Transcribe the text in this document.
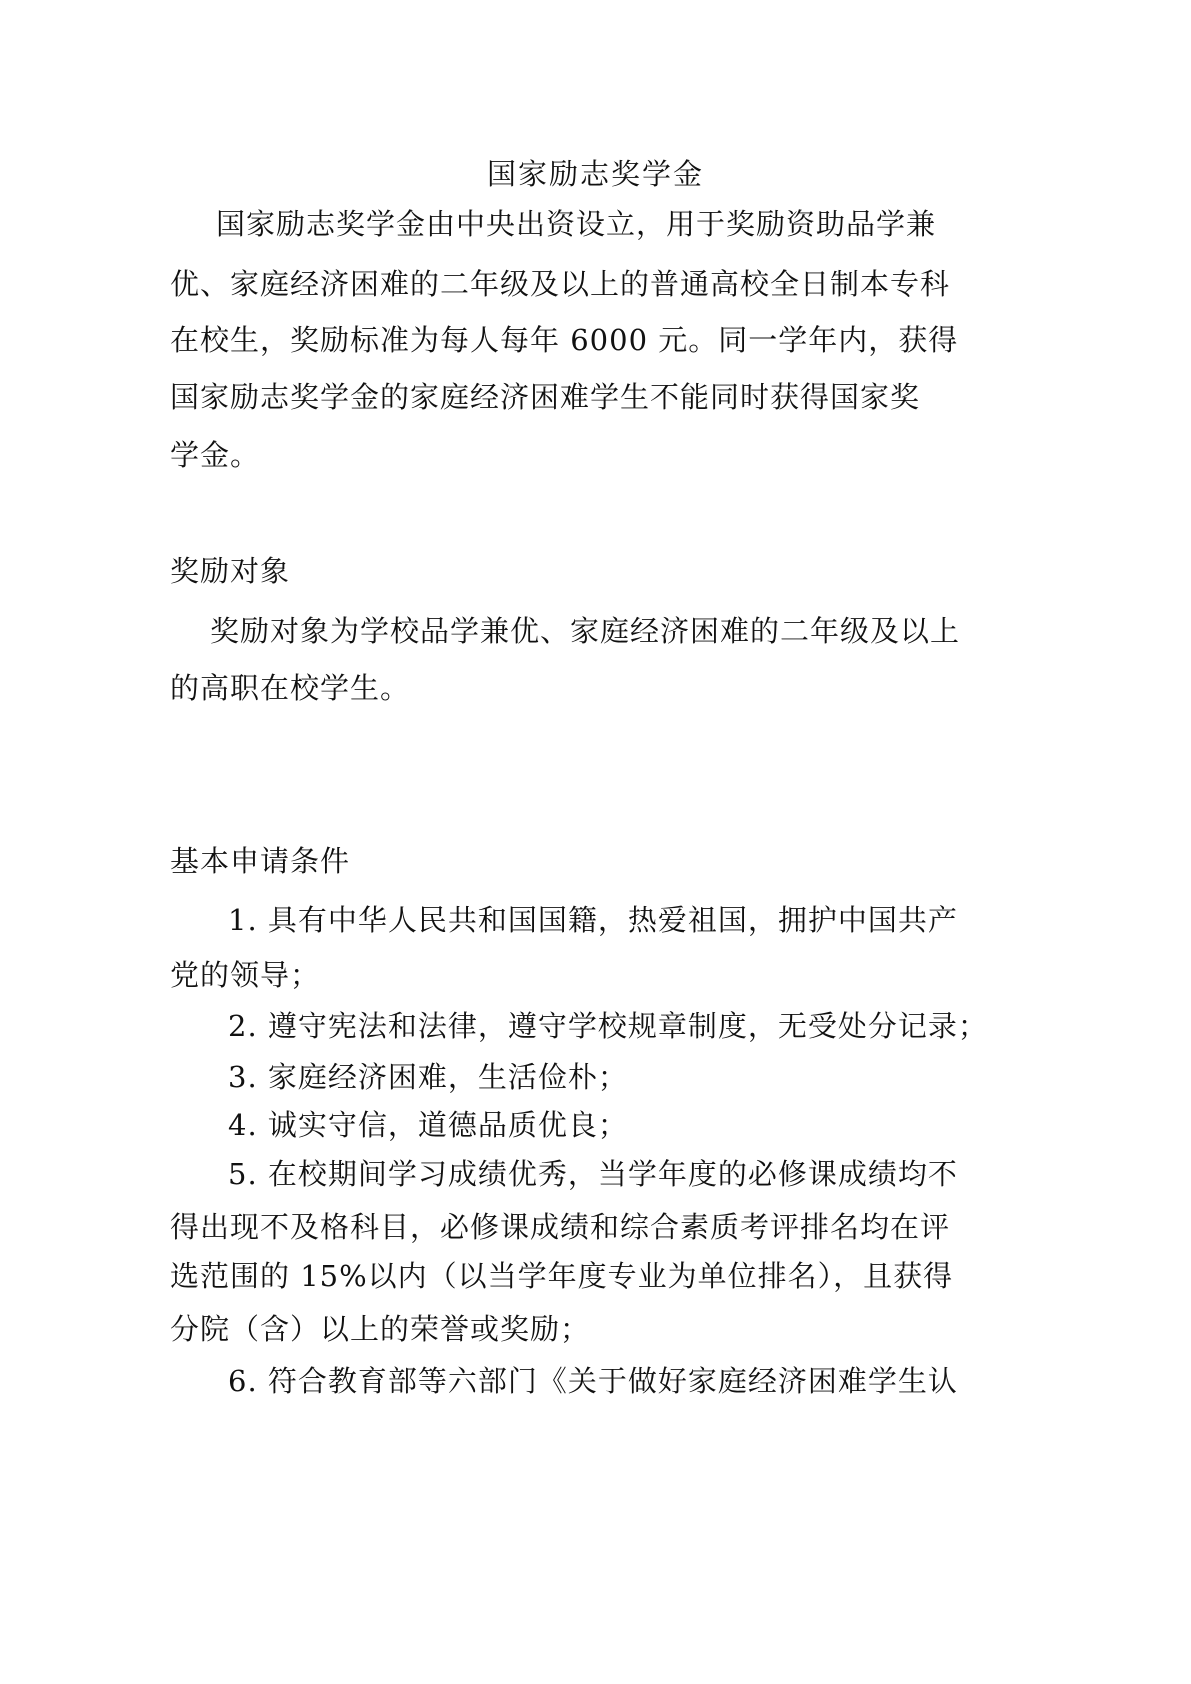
国家励志奖学金

国家励志奖学金由中央出资设立，用于奖励资助品学兼

优、家庭经济困难的二年级及以上的普通高校全日制本专科

在校生，奖励标准为每人每年 6000 元。同一学年内，获得

国家励志奖学金的家庭经济困难学生不能同时获得国家奖

学金。

奖励对象

奖励对象为学校品学兼优、家庭经济困难的二年级及以上

的高职在校学生。

基本申请条件

1. 具有中华人民共和国国籍，热爱祖国，拥护中国共产

党的领导；

2. 遵守宪法和法律，遵守学校规章制度，无受处分记录；

3. 家庭经济困难，生活俭朴；

4. 诚实守信，道德品质优良；

5. 在校期间学习成绩优秀，当学年度的必修课成绩均不

得出现不及格科目，必修课成绩和综合素质考评排名均在评

选范围的 15%以内（以当学年度专业为单位排名），且获得

分院（含）以上的荣誉或奖励；

6. 符合教育部等六部门《关于做好家庭经济困难学生认
